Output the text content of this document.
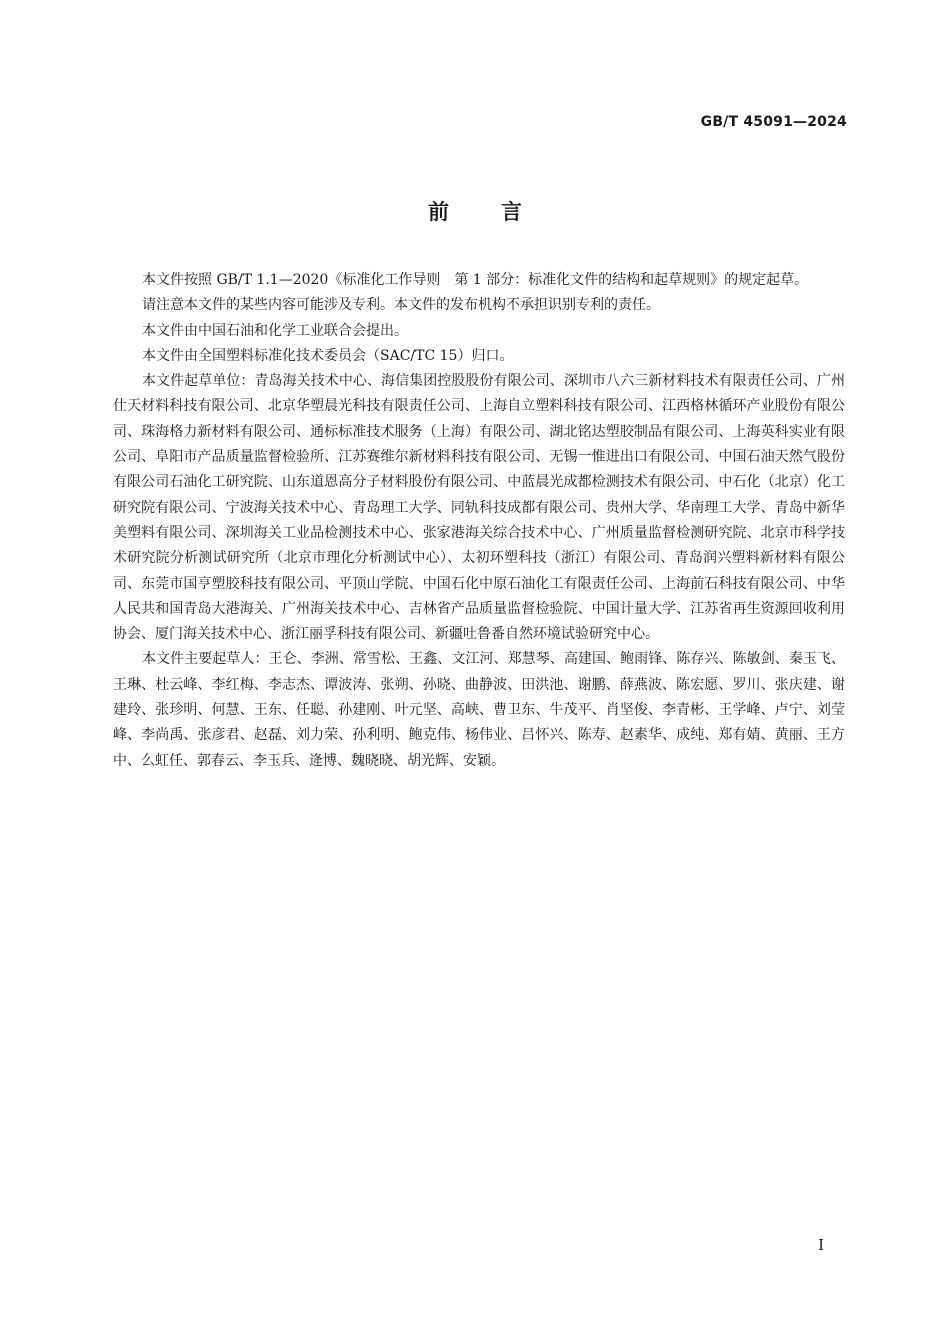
GB/T 45091—2024
前言

本文件按照 GB/T 1.1—2020《标准化工作导则　第 1 部分：标准化文件的结构和起草规则》的规定起草。

请注意本文件的某些内容可能涉及专利。本文件的发布机构不承担识别专利的责任。

本文件由中国石油和化学工业联合会提出。

本文件由全国塑料标准化技术委员会（SAC/TC 15）归口。

本文件起草单位：青岛海关技术中心、海信集团控股股份有限公司、深圳市八六三新材料技术有限责任公司、广州仕天材料科技有限公司、北京华塑晨光科技有限责任公司、上海自立塑料科技有限公司、江西格林循环产业股份有限公司、珠海格力新材料有限公司、通标标准技术服务（上海）有限公司、湖北铭达塑胶制品有限公司、上海英科实业有限公司、阜阳市产品质量监督检验所、江苏赛维尔新材料科技有限公司、无锡一惟进出口有限公司、中国石油天然气股份有限公司石油化工研究院、山东道恩高分子材料股份有限公司、中蓝晨光成都检测技术有限公司、中石化（北京）化工研究院有限公司、宁波海关技术中心、青岛理工大学、同轨科技成都有限公司、贵州大学、华南理工大学、青岛中新华美塑料有限公司、深圳海关工业品检测技术中心、张家港海关综合技术中心、广州质量监督检测研究院、北京市科学技术研究院分析测试研究所（北京市理化分析测试中心）、太初环塑科技（浙江）有限公司、青岛润兴塑料新材料有限公司、东莞市国亨塑胶科技有限公司、平顶山学院、中国石化中原石油化工有限责任公司、上海前石科技有限公司、中华人民共和国青岛大港海关、广州海关技术中心、吉林省产品质量监督检验院、中国计量大学、江苏省再生资源回收利用协会、厦门海关技术中心、浙江丽孚科技有限公司、新疆吐鲁番自然环境试验研究中心。

本文件主要起草人：王仑、李洲、常雪松、王鑫、文江河、郑慧琴、高建国、鲍雨锋、陈存兴、陈敏剑、秦玉飞、王琳、杜云峰、李红梅、李志杰、谭波涛、张朔、孙晓、曲静波、田洪池、谢鹏、薛燕波、陈宏愿、罗川、张庆建、谢建玲、张珍明、何慧、王东、任聪、孙建刚、叶元坚、高峡、曹卫东、牛茂平、肖坚俊、李青彬、王学峰、卢宁、刘莹峰、李尚禹、张彦君、赵磊、刘力荣、孙利明、鲍克伟、杨伟业、吕怀兴、陈寿、赵素华、成纯、郑有婧、黄丽、王方中、么虹任、郭春云、李玉兵、逄博、魏晓晓、胡光辉、安颖。

I
